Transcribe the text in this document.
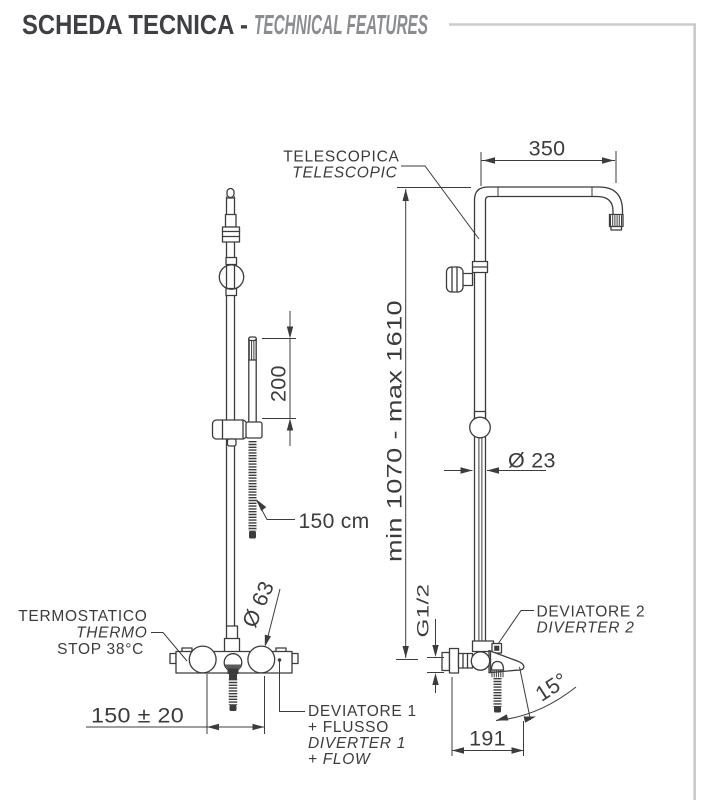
SCHEDA TECNICA - TECHNICAL FEATURES
350
min 1070 - max 1610
200
Ø 23
150 cm
Ø 63
150 ± 20
G1/2
191
15°
TELESCOPICA
TELESCOPIC
TERMOSTATICO
THERMO
STOP 38°C
DEVIATORE 1
+ FLUSSO
DIVERTER 1
+ FLOW
DEVIATORE 2
DIVERTER 2
